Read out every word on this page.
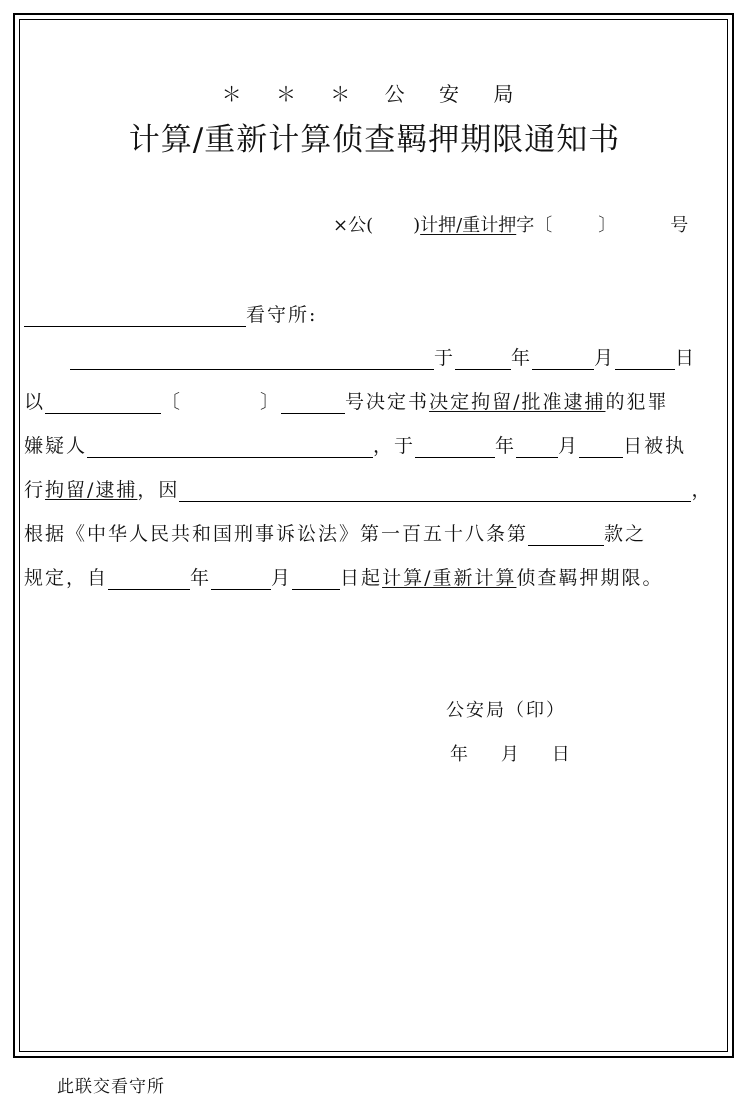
＊ ＊ ＊ 公 安 局
计算/重新计算侦查羁押期限通知书
×公( )计押/重计押字〔	〕	号
看守所:
于	年	月	日
以	〔	〕	号决定书决定拘留/批准逮捕的犯罪
嫌疑人	，于	年 月 日被执
行拘留/逮捕，因	，
根据《中华人民共和国刑事诉讼法》第一百五十八条第	款之
规定，自	年	月	日起计算/重新计算侦查羁押期限。
公安局（印）
年    月    日
此联交看守所
